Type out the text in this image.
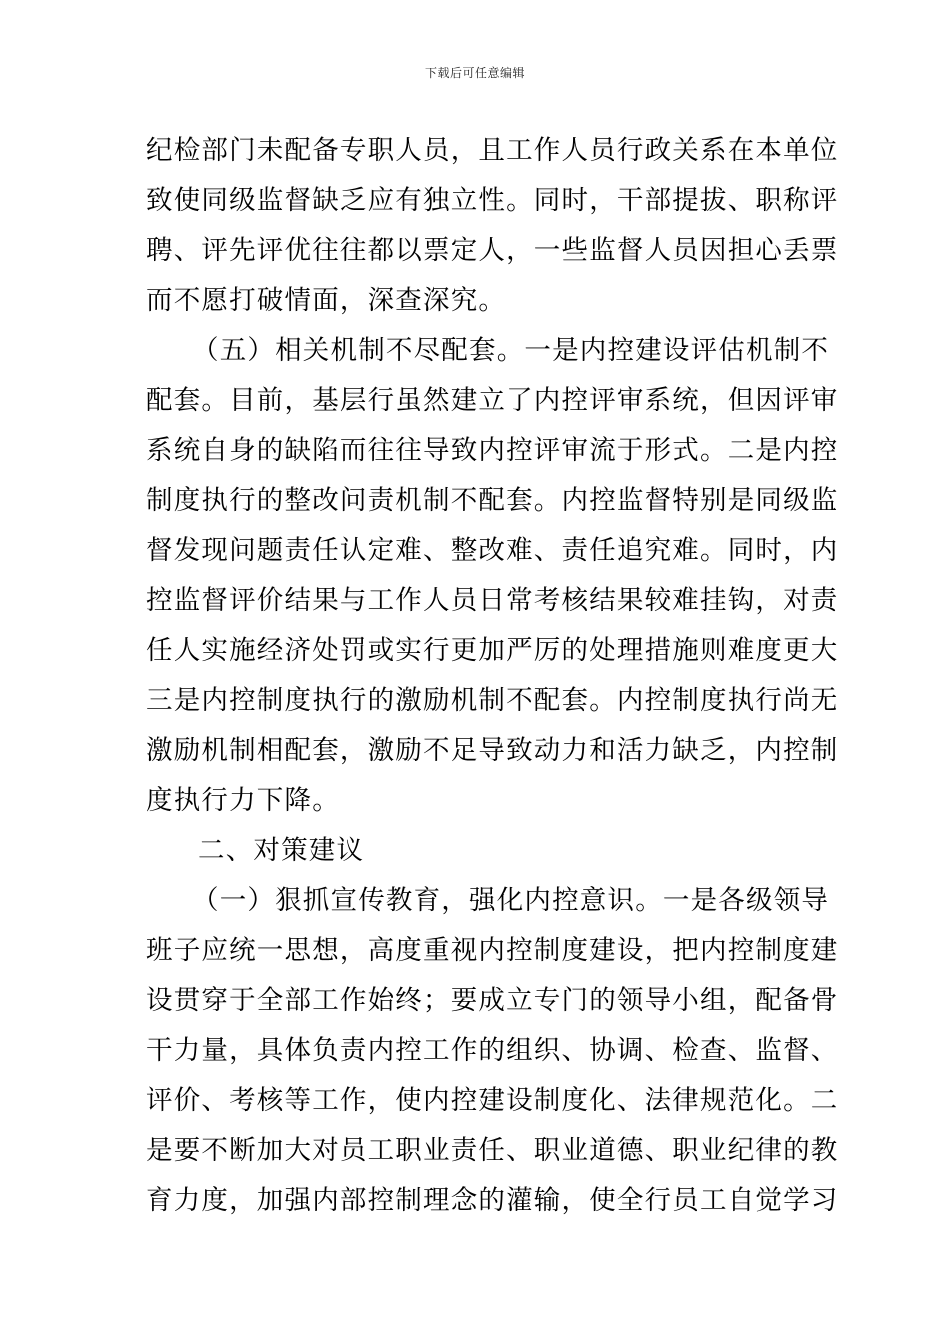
下载后可任意编辑
纪检部门未配备专职人员，且工作人员行政关系在本单位
致使同级监督缺乏应有独立性。同时，干部提拔、职称评
聘、评先评优往往都以票定人，一些监督人员因担心丢票
而不愿打破情面，深查深究。
（五）相关机制不尽配套。一是内控建设评估机制不
配套。目前，基层行虽然建立了内控评审系统，但因评审
系统自身的缺陷而往往导致内控评审流于形式。二是内控
制度执行的整改问责机制不配套。内控监督特别是同级监
督发现问题责任认定难、整改难、责任追究难。同时，内
控监督评价结果与工作人员日常考核结果较难挂钩，对责
任人实施经济处罚或实行更加严厉的处理措施则难度更大
三是内控制度执行的激励机制不配套。内控制度执行尚无
激励机制相配套，激励不足导致动力和活力缺乏，内控制
度执行力下降。
二、对策建议
（一）狠抓宣传教育，强化内控意识。一是各级领导
班子应统一思想，高度重视内控制度建设，把内控制度建
设贯穿于全部工作始终；要成立专门的领导小组，配备骨
干力量，具体负责内控工作的组织、协调、检查、监督、
评价、考核等工作，使内控建设制度化、法律规范化。二
是要不断加大对员工职业责任、职业道德、职业纪律的教
育力度，加强内部控制理念的灌输，使全行员工自觉学习
